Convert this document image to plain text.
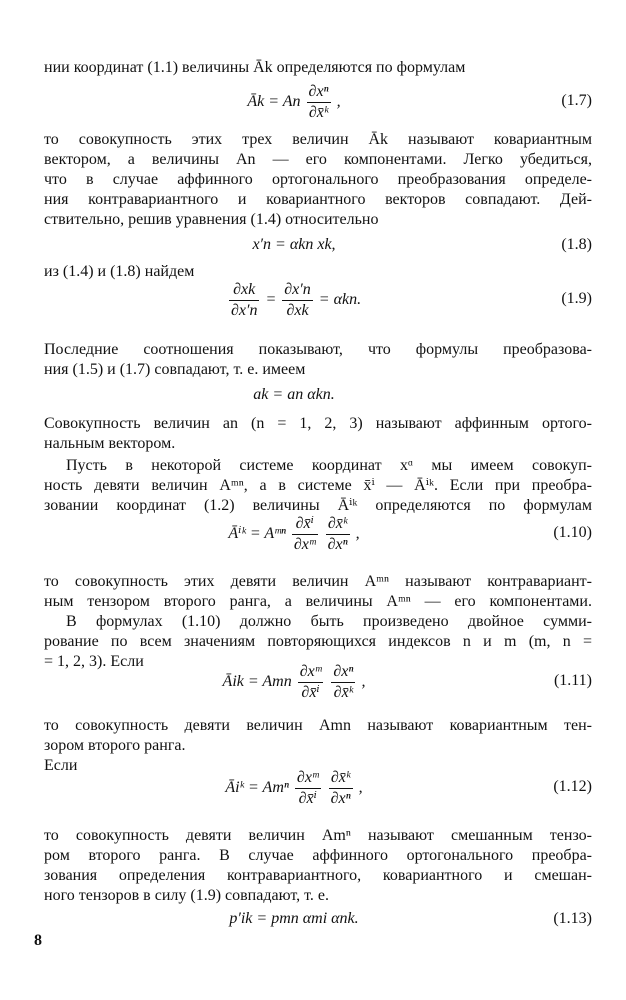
нии координат (1.1) величины Āk определяются по формулам
Āk = An $\frac{\text{∂xⁿ}}{\text{∂x̄ᵏ}}$ ,	(1.7)
то совокупность этих трех величин Āk называют ковариантным
вектором, а величины An — его компонентами. Легко убедиться,
что в случае аффинного ортогонального преобразования определе-
ния контравариантного и ковариантного векторов совпадают. Дей-
ствительно, решив уравнения (1.4) относительно
x′n = αkn xk,	(1.8)
из (1.4) и (1.8) найдем
$\frac{\partial xk}{\partial x'n} = \frac{\partial x'n}{\partial xk} = \alpha kn$.	(1.9)
Последние соотношения показывают, что формулы преобразова-
ния (1.5) и (1.7) совпадают, т. е. имеем
ak = an αkn.
Совокупность величин an (n = 1, 2, 3) называют аффинным ортого-
нальным вектором.
Пусть в некоторой системе координат xᵅ мы имеем совокуп-
ность девяти величин Aᵐⁿ, а в системе x̄ⁱ — Āⁱᵏ. Если при преобра-
зовании координат (1.2) величины Āⁱᵏ определяются по формулам
Āⁱᵏ = Aᵐⁿ $\frac{\text{∂x̄ⁱ}}{\text{∂xᵐ}}$
$\frac{\text{∂x̄ᵏ}}{\text{∂xⁿ}}$ ,	(1.10)
то совокупность этих девяти величин Aᵐⁿ называют контравариант-
ным тензором второго ранга, а величины Aᵐⁿ — его компонентами.
В формулах (1.10) должно быть произведено двойное сумми-
рование по всем значениям повторяющихся индексов n и m (m, n =
= 1, 2, 3). Если
Āik = Amn $\frac{\text{∂xᵐ}}{\text{∂x̄ⁱ}}$
$\frac{\text{∂xⁿ}}{\text{∂x̄ᵏ}}$ ,	(1.11)
то совокупность девяти величин Amn называют ковариантным тен-
зором второго ранга.
Если
Āiᵏ = Amⁿ $\frac{\text{∂xᵐ}}{\text{∂x̄ⁱ}}$
$\frac{\text{∂x̄ᵏ}}{\text{∂xⁿ}}$ ,	(1.12)
то совокупность девяти величин Amⁿ называют смешанным тензо-
ром второго ранга. В случае аффинного ортогонального преобра-
зования определения контравариантного, ковариантного и смешан-
ного тензоров в силу (1.9) совпадают, т. е.
p′ik = pmn αmi αnk.	(1.13)
8
